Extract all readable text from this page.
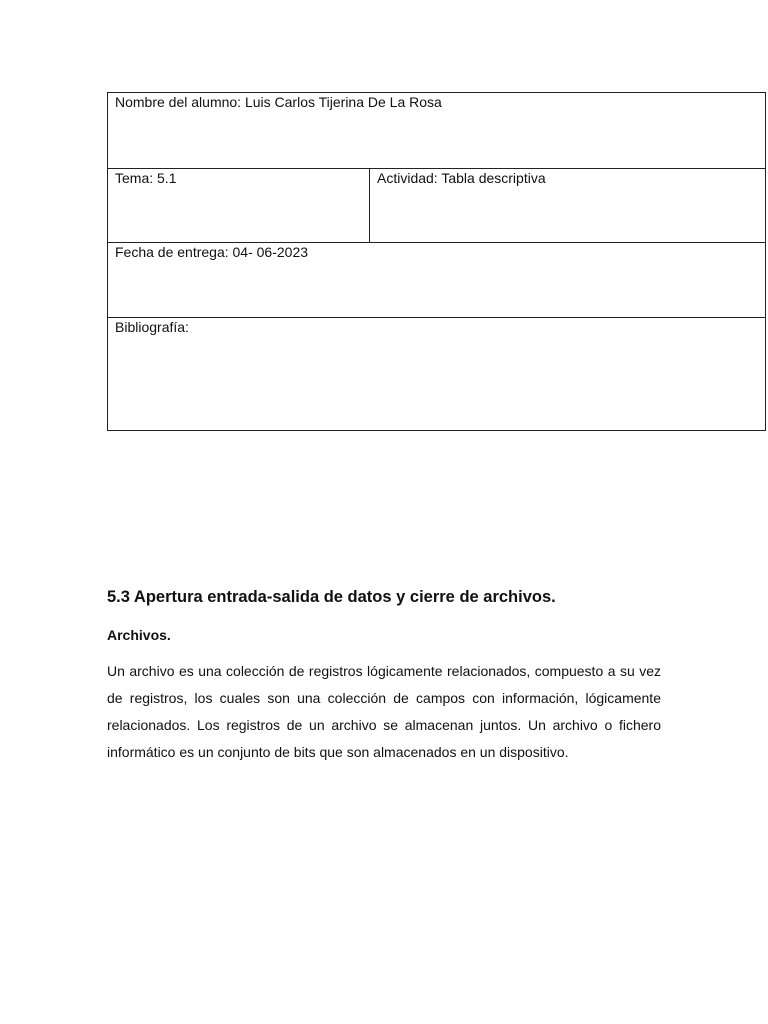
Nombre del alumno: Luis Carlos Tijerina De La Rosa
Tema: 5.1	Actividad: Tabla descriptiva
Fecha de entrega: 04- 06-2023
Bibliografía:
5.3 Apertura entrada-salida de datos y cierre de archivos.
Archivos.

Un archivo es una colección de registros lógicamente relacionados, compuesto a su vez de registros, los cuales son una colección de campos con información, lógicamente relacionados. Los registros de un archivo se almacenan juntos. Un archivo o fichero informático es un conjunto de bits que son almacenados en un dispositivo.
